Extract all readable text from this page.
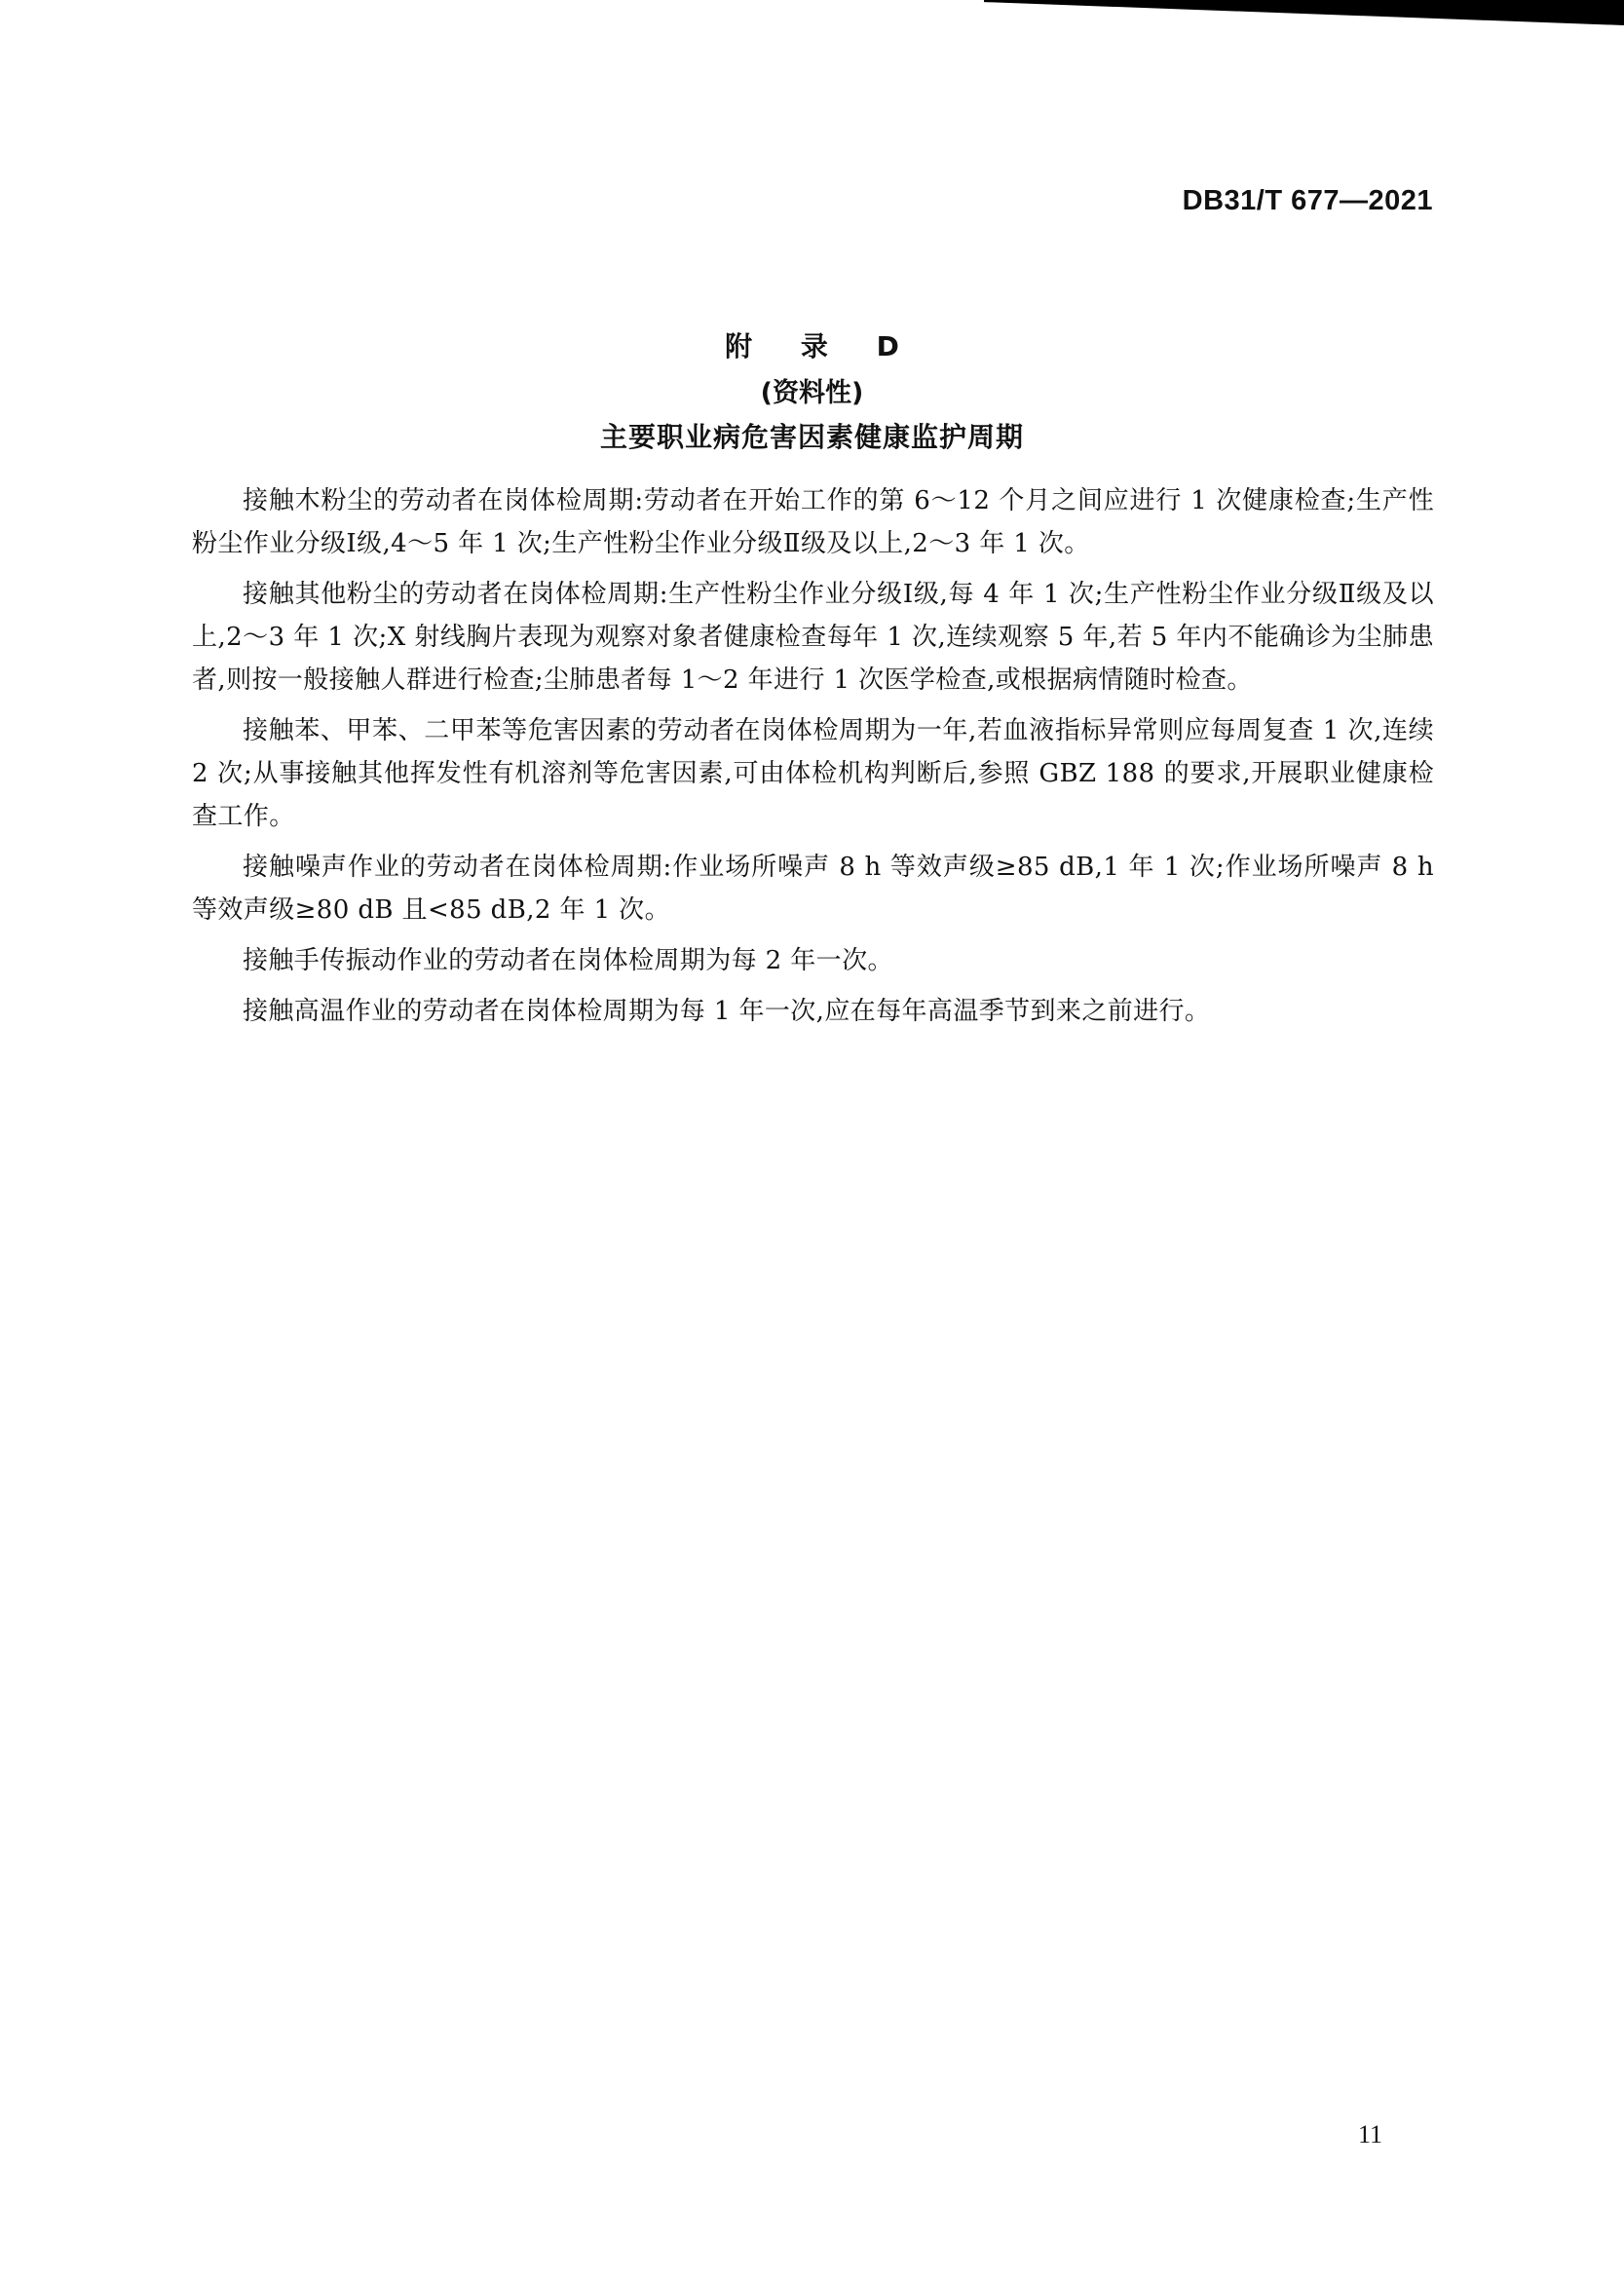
DB31/T 677—2021
附 录 D
(资料性)
主要职业病危害因素健康监护周期

接触木粉尘的劳动者在岗体检周期:劳动者在开始工作的第 6～12 个月之间应进行 1 次健康检查;生产性粉尘作业分级Ⅰ级,4～5 年 1 次;生产性粉尘作业分级Ⅱ级及以上,2～3 年 1 次。

接触其他粉尘的劳动者在岗体检周期:生产性粉尘作业分级Ⅰ级,每 4 年 1 次;生产性粉尘作业分级Ⅱ级及以上,2～3 年 1 次;X 射线胸片表现为观察对象者健康检查每年 1 次,连续观察 5 年,若 5 年内不能确诊为尘肺患者,则按一般接触人群进行检查;尘肺患者每 1～2 年进行 1 次医学检查,或根据病情随时检查。

接触苯、甲苯、二甲苯等危害因素的劳动者在岗体检周期为一年,若血液指标异常则应每周复查 1 次,连续 2 次;从事接触其他挥发性有机溶剂等危害因素,可由体检机构判断后,参照 GBZ 188 的要求,开展职业健康检查工作。

接触噪声作业的劳动者在岗体检周期:作业场所噪声 8 h 等效声级≥85 dB,1 年 1 次;作业场所噪声 8 h 等效声级≥80 dB 且<85 dB,2 年 1 次。

接触手传振动作业的劳动者在岗体检周期为每 2 年一次。

接触高温作业的劳动者在岗体检周期为每 1 年一次,应在每年高温季节到来之前进行。

11
